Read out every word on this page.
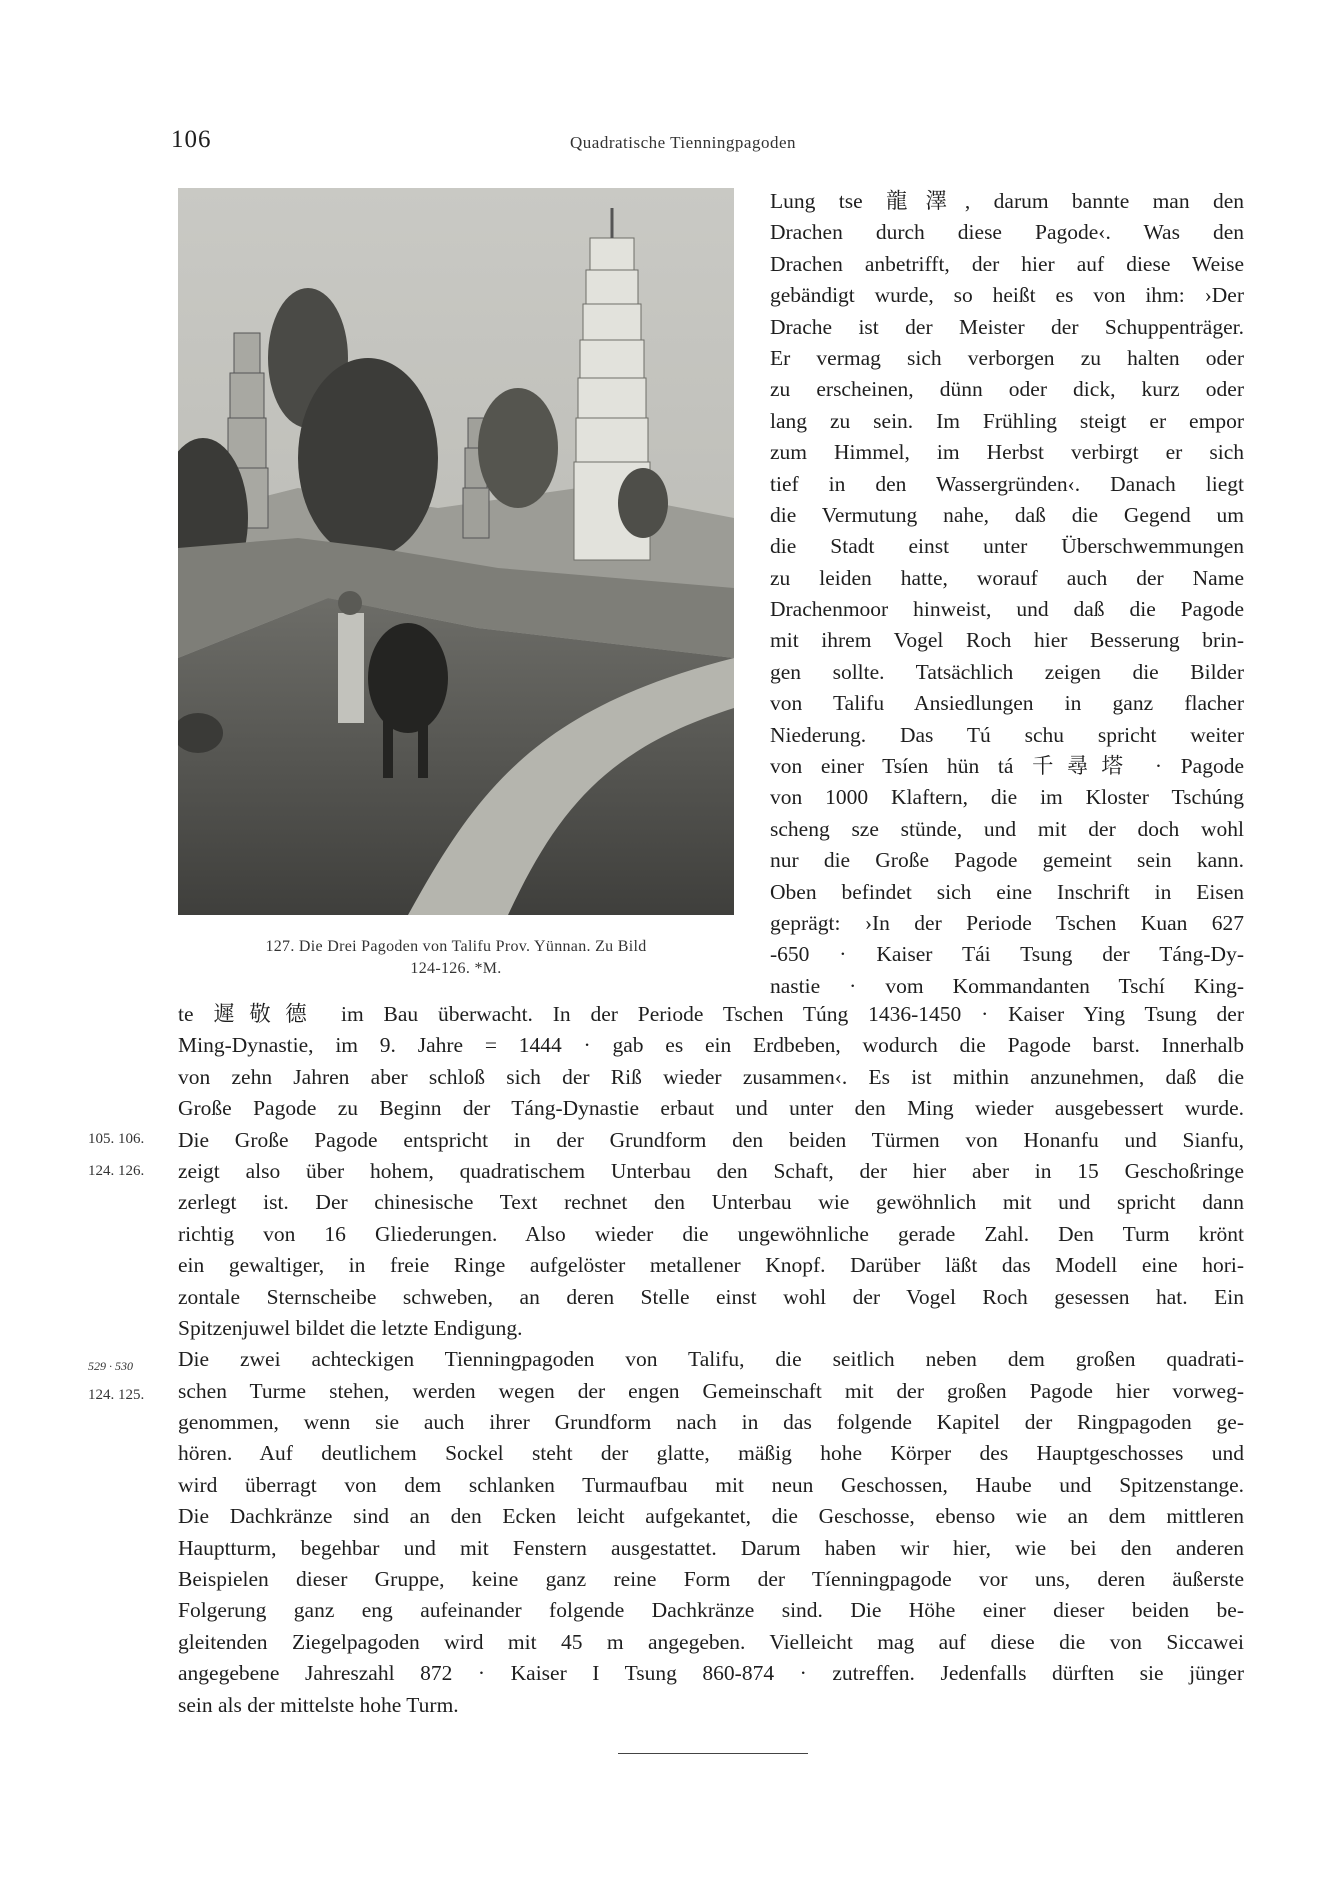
106	Quadratische Tienningpagoden
127. Die Drei Pagoden von Talifu Prov. Yünnan. Zu Bild
124-126. *M.
Lung tse 龍澤, darum bannte man den
Drachen durch diese Pagode‹. Was den
Drachen anbetrifft, der hier auf diese Weise
gebändigt wurde, so heißt es von ihm: ›Der
Drache ist der Meister der Schuppenträger.
Er vermag sich verborgen zu halten oder
zu erscheinen, dünn oder dick, kurz oder
lang zu sein. Im Frühling steigt er empor
zum Himmel, im Herbst verbirgt er sich
tief in den Wassergründen‹. Danach liegt
die Vermutung nahe, daß die Gegend um
die Stadt einst unter Überschwemmungen
zu leiden hatte, worauf auch der Name
Drachenmoor hinweist, und daß die Pagode
mit ihrem Vogel Roch hier Besserung brin-
gen sollte. Tatsächlich zeigen die Bilder
von Talifu Ansiedlungen in ganz flacher
Niederung. Das Tú schu spricht weiter
von einer Tsíen hün tá 千尋塔 · Pagode
von 1000 Klaftern, die im Kloster Tschúng
scheng sze stünde, und mit der doch wohl
nur die Große Pagode gemeint sein kann.
Oben befindet sich eine Inschrift in Eisen
geprägt: ›In der Periode Tschen Kuan 627
-650 · Kaiser Tái Tsung der Táng-Dy-
nastie · vom Kommandanten Tschí King-
te 遲敬德 im Bau überwacht. In der Periode Tschen Túng 1436-1450 · Kaiser Ying Tsung der
Ming-Dynastie, im 9. Jahre = 1444 · gab es ein Erdbeben, wodurch die Pagode barst. Innerhalb
von zehn Jahren aber schloß sich der Riß wieder zusammen‹. Es ist mithin anzunehmen, daß die
Große Pagode zu Beginn der Táng-Dynastie erbaut und unter den Ming wieder ausgebessert wurde.
Die Große Pagode entspricht in der Grundform den beiden Türmen von Honanfu und Sianfu,
zeigt also über hohem, quadratischem Unterbau den Schaft, der hier aber in 15 Geschoßringe
zerlegt ist. Der chinesische Text rechnet den Unterbau wie gewöhnlich mit und spricht dann
richtig von 16 Gliederungen. Also wieder die ungewöhnliche gerade Zahl. Den Turm krönt
ein gewaltiger, in freie Ringe aufgelöster metallener Knopf. Darüber läßt das Modell eine hori-
zontale Sternscheibe schweben, an deren Stelle einst wohl der Vogel Roch gesessen hat. Ein
Spitzenjuwel bildet die letzte Endigung.
Die zwei achteckigen Tienningpagoden von Talifu, die seitlich neben dem großen quadrati-
schen Turme stehen, werden wegen der engen Gemeinschaft mit der großen Pagode hier vorweg-
genommen, wenn sie auch ihrer Grundform nach in das folgende Kapitel der Ringpagoden ge-
hören. Auf deutlichem Sockel steht der glatte, mäßig hohe Körper des Hauptgeschosses und
wird überragt von dem schlanken Turmaufbau mit neun Geschossen, Haube und Spitzenstange.
Die Dachkränze sind an den Ecken leicht aufgekantet, die Geschosse, ebenso wie an dem mittleren
Hauptturm, begehbar und mit Fenstern ausgestattet. Darum haben wir hier, wie bei den anderen
Beispielen dieser Gruppe, keine ganz reine Form der Tíenningpagode vor uns, deren äußerste
Folgerung ganz eng aufeinander folgende Dachkränze sind. Die Höhe einer dieser beiden be-
gleitenden Ziegelpagoden wird mit 45 m angegeben. Vielleicht mag auf diese die von Siccawei
angegebene Jahreszahl 872 · Kaiser I Tsung 860-874 · zutreffen. Jedenfalls dürften sie jünger
sein als der mittelste hohe Turm.
105. 106.
124. 126.
529 · 530
124. 125.
